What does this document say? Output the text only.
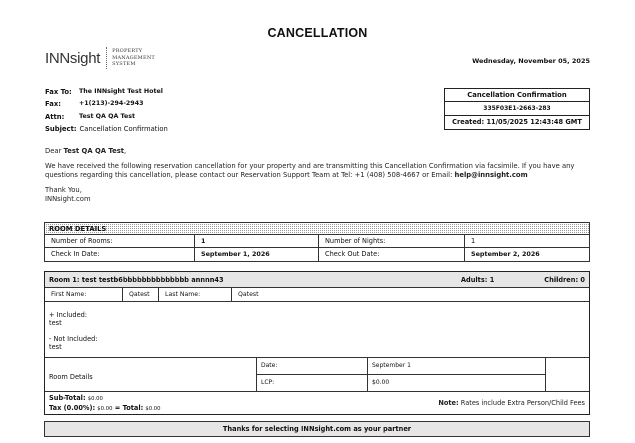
CANCELLATION
INNsight PROPERTY
MANAGEMENT
SYSTEM	Wednesday, November 05, 2025
Fax To:	The INNsight Test Hotel
Fax:	+1(213)-294-2943
Attn:	Test QA QA Test
Subject: Cancellation Confirmation
Cancellation Confirmation
335F03E1-2663-283
Created: 11/05/2025 12:43:48 GMT

Dear Test QA QA Test,

We have received the following reservation cancellation for your property and are transmitting this Cancellation Confirmation via facsimile. If you have any questions regarding this cancellation, please contact our Reservation Support Team at Tel: +1 (408) 508-4667 or Email: help@innsight.com

Thank You,
INNsight.com

ROOM DETAILS			
Number of Rooms:	1	Number of Nights:	1
Check In Date:	September 1, 2026	Check Out Date:	September 2, 2026
Room 1: test testb6bbbbbbbbbbbbbb annnn43	Adults: 1	Children: 0
First Name:	Qatest	Last Name:	Qatest

+ Included:
test

- Not Included:
test

Room Details
Date:	September 1
LCP:	$0.00
Sub-Total: $0.00
Tax (0.00%): $0.00 = Total: $0.00
Note: Rates include Extra Person/Child Fees
Thanks for selecting INNsight.com as your partner
